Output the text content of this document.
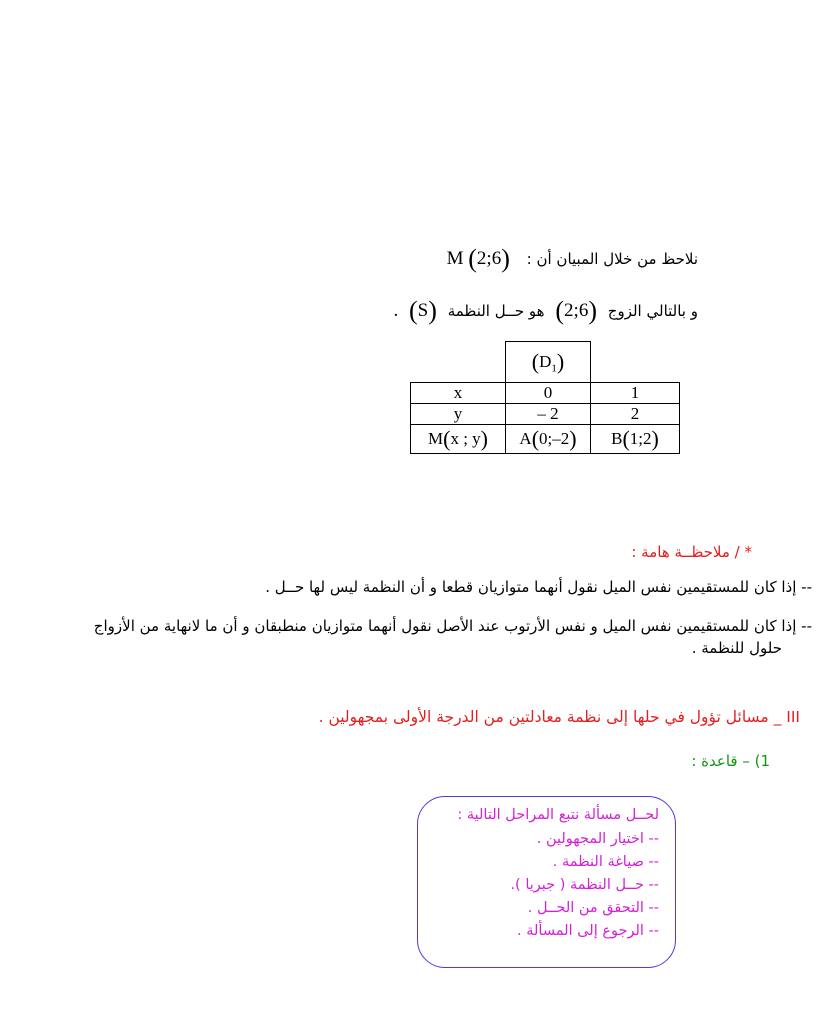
نلاحظ من خلال المبيان أن : M (2;6)
و بالتالي الزوج (2;6) هو حــل النظمة (S) .
	$(D_1)$	
x	0	1
y	– 2	2
M(x ; y)	A(0;–2)	B(1;2)
* / ملاحظــة هامة :
-- إذا كان للمستقيمين نفس الميل نقول أنهما متوازيان قطعا و أن النظمة ليس لها حــل .
-- إذا كان للمستقيمين نفس الميل و نفس الأرتوب عند الأصل نقول أنهما متوازيان منطبقان و أن ما لانهاية من الأزواج
حلول للنظمة .
III _ مسائل تؤول في حلها إلى نظمة معادلتين من الدرجة الأولى بمجهولين .
1) – قاعدة :
لحــل مسألة نتبع المراحل التالية :
-- اختيار المجهولين .
-- صياغة النظمة .
-- حــل النظمة ( جبريا ).
-- التحقق من الحــل .
-- الرجوع إلى المسألة .
